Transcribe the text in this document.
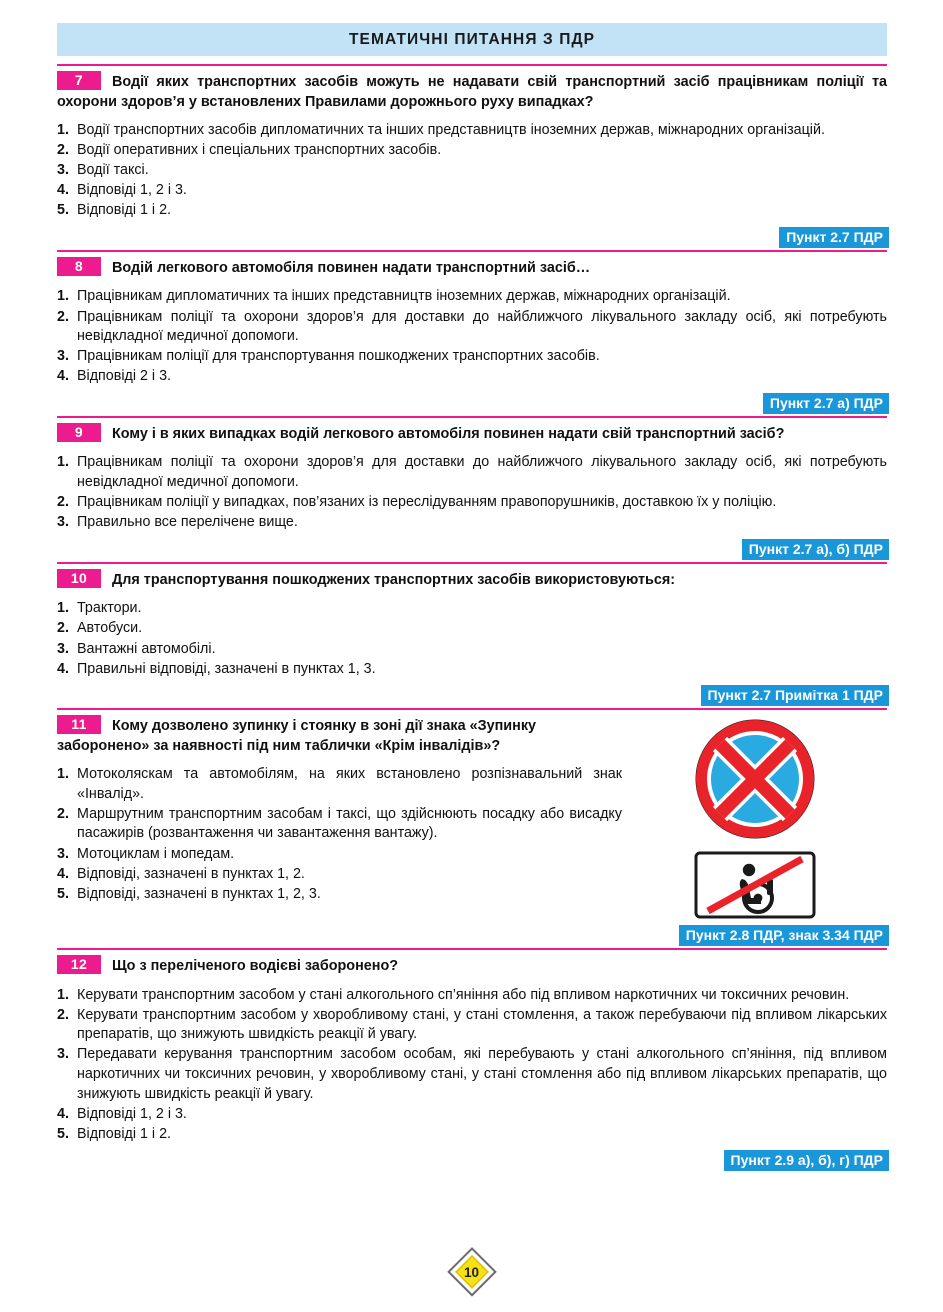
ТЕМАТИЧНІ ПИТАННЯ З ПДР
7 Водії яких транспортних засобів можуть не надавати свій транспортний засіб працівникам поліції та охорони здоров’я у встановлених Правилами дорожнього руху випадках?
1. Водії транспортних засобів дипломатичних та інших представництв іноземних держав, міжнародних організацій.
2. Водії оперативних і спеціальних транспортних засобів.
3. Водії таксі.
4. Відповіді 1, 2 і 3.
5. Відповіді 1 і 2.
Пункт 2.7 ПДР
8 Водій легкового автомобіля повинен надати транспортний засіб…
1. Працівникам дипломатичних та інших представництв іноземних держав, міжнародних організацій.
2. Працівникам поліції та охорони здоров’я для доставки до найближчого лікувального закладу осіб, які потребують невідкладної медичної допомоги.
3. Працівникам поліції для транспортування пошкоджених транспортних засобів.
4. Відповіді 2 і 3.
Пункт 2.7 а) ПДР
9 Кому і в яких випадках водій легкового автомобіля повинен надати свій транспортний засіб?
1. Працівникам поліції та охорони здоров’я для доставки до найближчого лікувального закладу осіб, які потребують невідкладної медичної допомоги.
2. Працівникам поліції у випадках, пов’язаних із переслідуванням правопорушників, доставкою їх у поліцію.
3. Правильно все перелічене вище.
Пункт 2.7 а), б) ПДР
10 Для транспортування пошкоджених транспортних засобів використовуються:
1. Трактори.
2. Автобуси.
3. Вантажні автомобілі.
4. Правильні відповіді, зазначені в пунктах 1, 3.
Пункт 2.7 Примітка 1 ПДР
11 Кому дозволено зупинку і стоянку в зоні дії знака «Зупинку заборонено» за наявності під ним таблички «Крім інвалідів»?
1. Мотоколяскам та автомобілям, на яких встановлено розпізнавальний знак «Інвалід».
2. Маршрутним транспортним засобам і таксі, що здійснюють посадку або висадку пасажирів (розвантаження чи завантаження вантажу).
3. Мотоциклам і мопедам.
4. Відповіді, зазначені в пунктах 1, 2.
5. Відповіді, зазначені в пунктах 1, 2, 3.
Пункт 2.8 ПДР, знак 3.34 ПДР
12 Що з переліченого водієві заборонено?
1. Керувати транспортним засобом у стані алкогольного сп’яніння або під впливом наркотичних чи токсичних речовин.
2. Керувати транспортним засобом у хворобливому стані, у стані стомлення, а також перебуваючи під впливом лікарських препаратів, що знижують швидкість реакції й увагу.
3. Передавати керування транспортним засобом особам, які перебувають у стані алкогольного сп’яніння, під впливом наркотичних чи токсичних речовин, у хворобливому стані, у стані стомлення або під впливом лікарських препаратів, що знижують швидкість реакції й увагу.
4. Відповіді 1, 2 і 3.
5. Відповіді 1 і 2.
Пункт 2.9 а), б), г) ПДР
10
